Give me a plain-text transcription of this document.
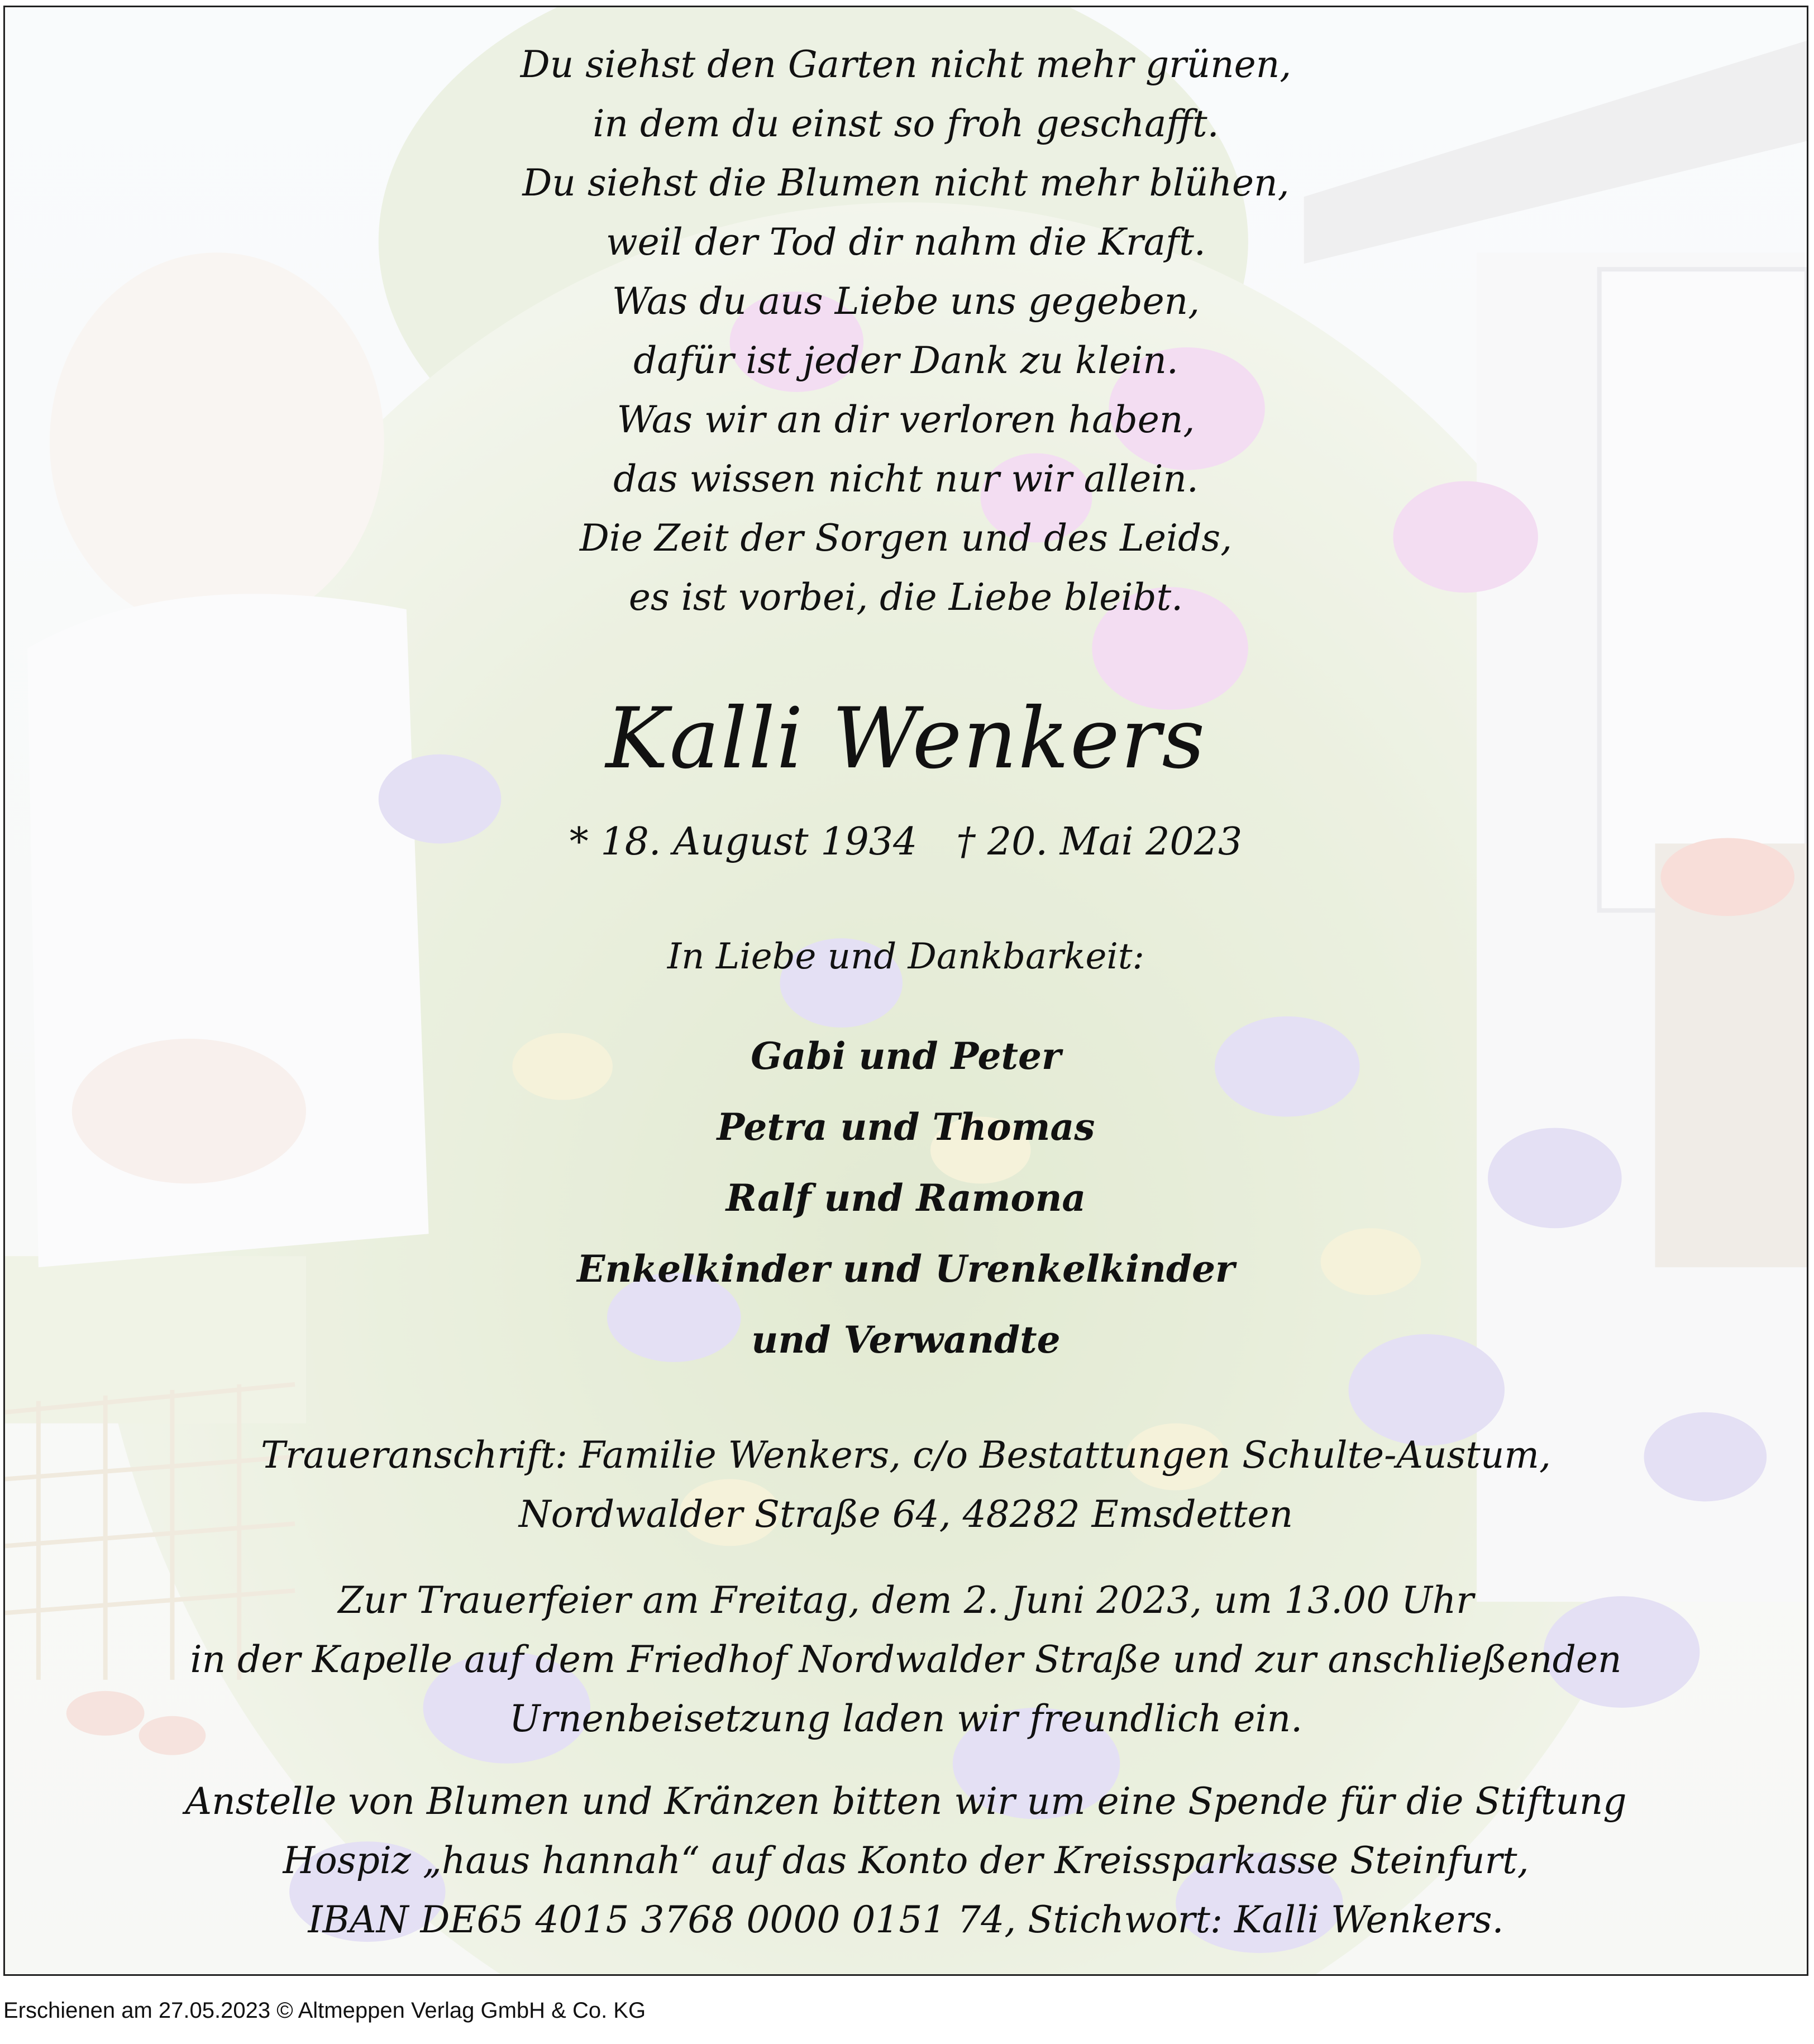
Du siehst den Garten nicht mehr grünen,
in dem du einst so froh geschafft.
Du siehst die Blumen nicht mehr blühen,
weil der Tod dir nahm die Kraft.
Was du aus Liebe uns gegeben,
dafür ist jeder Dank zu klein.
Was wir an dir verloren haben,
das wissen nicht nur wir allein.
Die Zeit der Sorgen und des Leids,
es ist vorbei, die Liebe bleibt.
Kalli Wenkers
* 18. August 1934 † 20. Mai 2023
In Liebe und Dankbarkeit:
Gabi und Peter
Petra und Thomas
Ralf und Ramona
Enkelkinder und Urenkelkinder
und Verwandte
Traueranschrift: Familie Wenkers, c/o Bestattungen Schulte-Austum,
Nordwalder Straße 64, 48282 Emsdetten
Zur Trauerfeier am Freitag, dem 2. Juni 2023, um 13.00 Uhr
in der Kapelle auf dem Friedhof Nordwalder Straße und zur anschließenden
Urnenbeisetzung laden wir freundlich ein.
Anstelle von Blumen und Kränzen bitten wir um eine Spende für die Stiftung
Hospiz „haus hannah“ auf das Konto der Kreissparkasse Steinfurt,
IBAN DE65 4015 3768 0000 0151 74, Stichwort: Kalli Wenkers.
Erschienen am 27.05.2023 © Altmeppen Verlag GmbH & Co. KG
